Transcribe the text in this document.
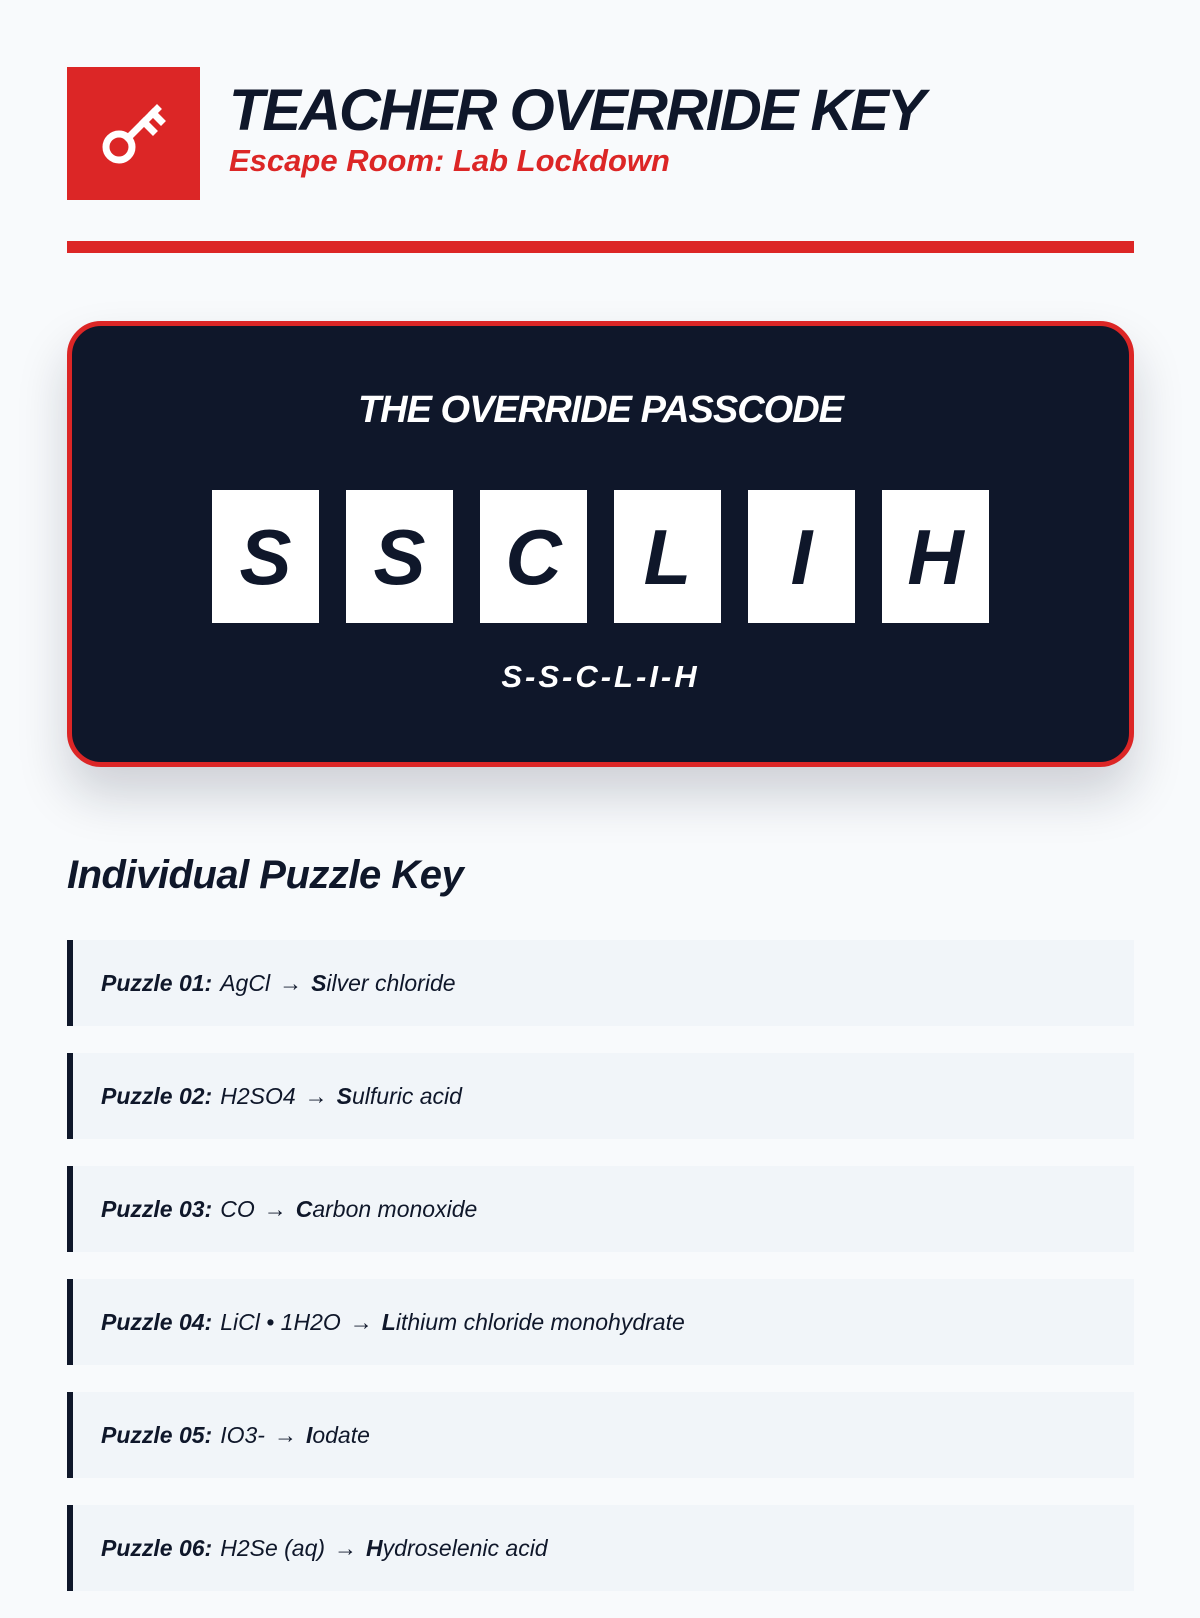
TEACHER OVERRIDE KEY
Escape Room: Lab Lockdown
THE OVERRIDE PASSCODE
S	S	C	L	I	H
S-S-C-L-I-H
Individual Puzzle Key
Puzzle 01: AgCl → S ilver chloride
Puzzle 02: H2SO4 → S ulfuric acid
Puzzle 03: CO → C arbon monoxide
Puzzle 04: LiCl • 1H2O → L ithium chloride monohydrate
Puzzle 05: IO3- → I odate
Puzzle 06: H2Se (aq) → H ydroselenic acid
